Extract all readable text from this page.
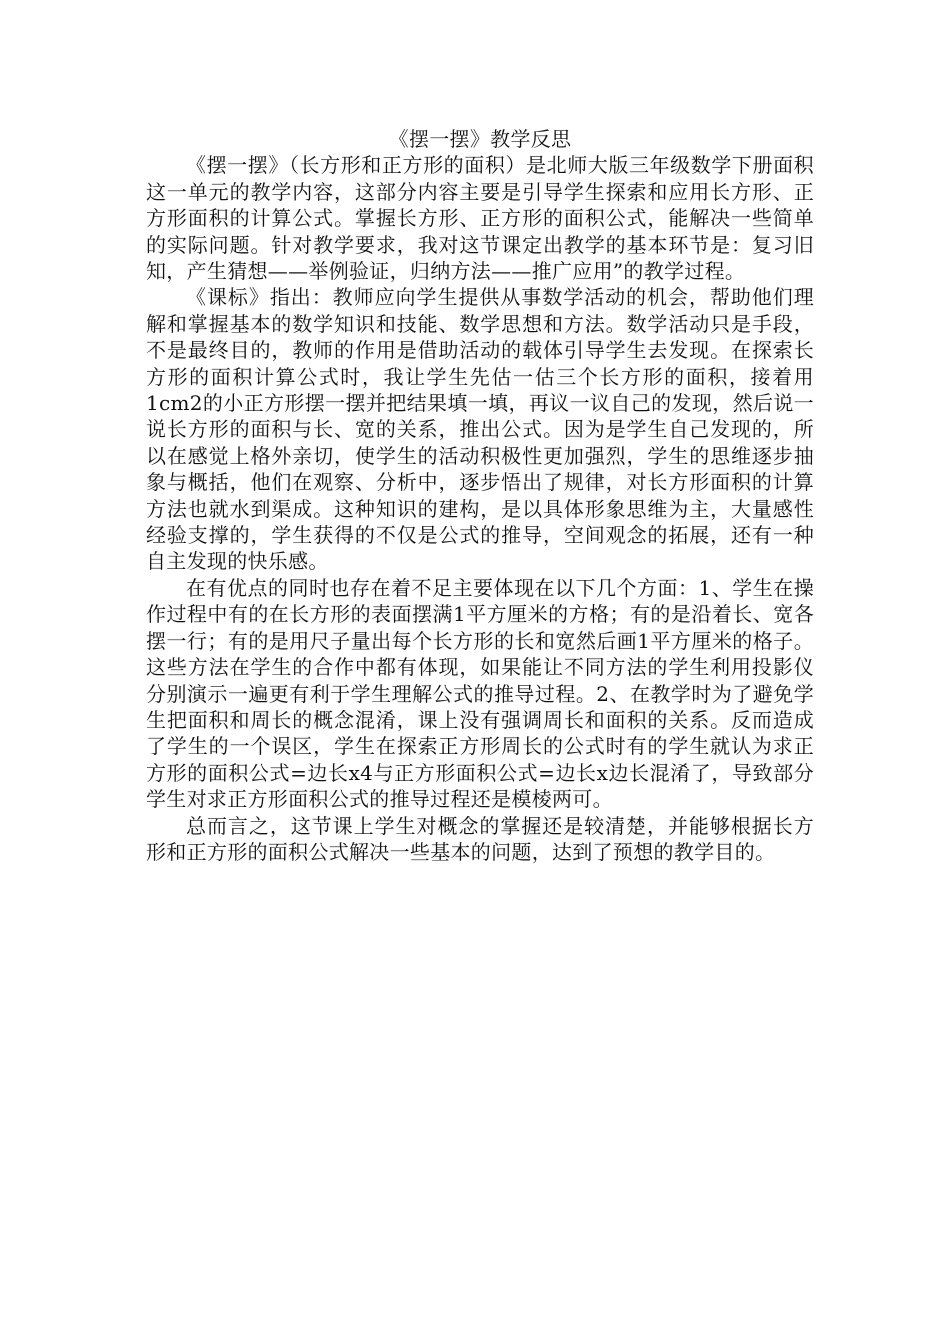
《摆一摆》教学反思

《摆一摆》（长方形和正方形的面积）是北师大版三年级数学下册面积这一单元的教学内容，这部分内容主要是引导学生探索和应用长方形、正方形面积的计算公式。掌握长方形、正方形的面积公式，能解决一些简单的实际问题。针对教学要求，我对这节课定出教学的基本环节是：复习旧知，产生猜想——举例验证，归纳方法——推广应用”的教学过程。

《课标》指出：教师应向学生提供从事数学活动的机会，帮助他们理解和掌握基本的数学知识和技能、数学思想和方法。数学活动只是手段，不是最终目的，教师的作用是借助活动的载体引导学生去发现。在探索长方形的面积计算公式时，我让学生先估一估三个长方形的面积，接着用1cm2的小正方形摆一摆并把结果填一填，再议一议自己的发现，然后说一说长方形的面积与长、宽的关系，推出公式。因为是学生自己发现的，所以在感觉上格外亲切，使学生的活动积极性更加强烈，学生的思维逐步抽象与概括，他们在观察、分析中，逐步悟出了规律，对长方形面积的计算方法也就水到渠成。这种知识的建构，是以具体形象思维为主，大量感性经验支撑的，学生获得的不仅是公式的推导，空间观念的拓展，还有一种自主发现的快乐感。

在有优点的同时也存在着不足主要体现在以下几个方面：1、学生在操作过程中有的在长方形的表面摆满1平方厘米的方格；有的是沿着长、宽各摆一行；有的是用尺子量出每个长方形的长和宽然后画1平方厘米的格子。这些方法在学生的合作中都有体现，如果能让不同方法的学生利用投影仪分别演示一遍更有利于学生理解公式的推导过程。2、在教学时为了避免学生把面积和周长的概念混淆，课上没有强调周长和面积的关系。反而造成了学生的一个误区，学生在探索正方形周长的公式时有的学生就认为求正方形的面积公式=边长x4与正方形面积公式=边长x边长混淆了，导致部分学生对求正方形面积公式的推导过程还是模棱两可。

总而言之，这节课上学生对概念的掌握还是较清楚，并能够根据长方形和正方形的面积公式解决一些基本的问题，达到了预想的教学目的。
